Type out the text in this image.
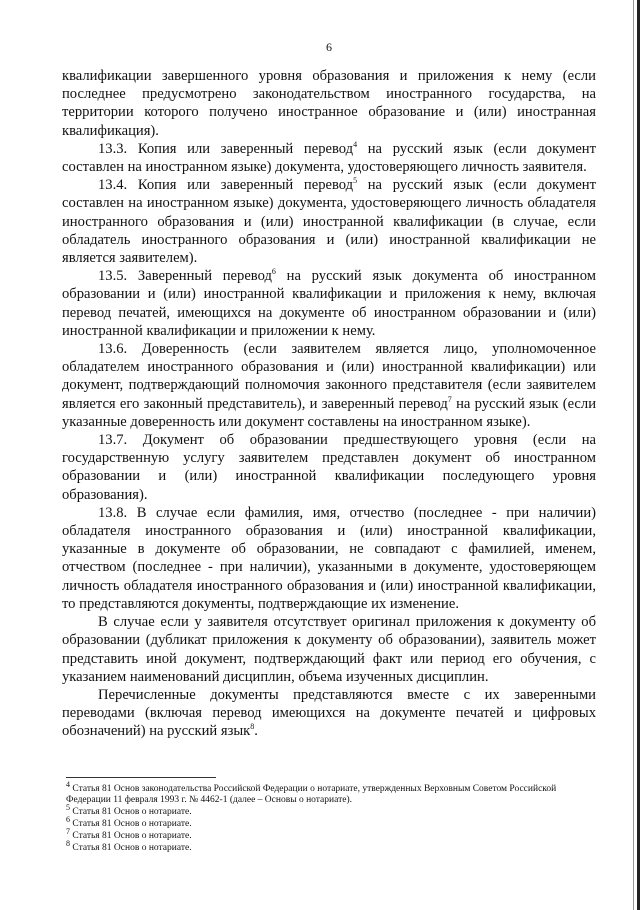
6

квалификации завершенного уровня образования и приложения к нему (если последнее предусмотрено законодательством иностранного государства, на территории которого получено иностранное образование и (или) иностранная квалификация).

13.3. Копия или заверенный перевод$^4$ на русский язык (если документ составлен на иностранном языке) документа, удостоверяющего личность заявителя.

13.4. Копия или заверенный перевод$^5$ на русский язык (если документ составлен на иностранном языке) документа, удостоверяющего личность обладателя иностранного образования и (или) иностранной квалификации (в случае, если обладатель иностранного образования и (или) иностранной квалификации не является заявителем).

13.5. Заверенный перевод$^6$ на русский язык документа об иностранном образовании и (или) иностранной квалификации и приложения к нему, включая перевод печатей, имеющихся на документе об иностранном образовании и (или) иностранной квалификации и приложении к нему.

13.6. Доверенность (если заявителем является лицо, уполномоченное обладателем иностранного образования и (или) иностранной квалификации) или документ, подтверждающий полномочия законного представителя (если заявителем является его законный представитель), и заверенный перевод$^7$ на русский язык (если указанные доверенность или документ составлены на иностранном языке).

13.7. Документ об образовании предшествующего уровня (если на государственную услугу заявителем представлен документ об иностранном образовании и (или) иностранной квалификации последующего уровня образования).

13.8. В случае если фамилия, имя, отчество (последнее - при наличии) обладателя иностранного образования и (или) иностранной квалификации, указанные в документе об образовании, не совпадают с фамилией, именем, отчеством (последнее - при наличии), указанными в документе, удостоверяющем личность обладателя иностранного образования и (или) иностранной квалификации, то представляются документы, подтверждающие их изменение.

В случае если у заявителя отсутствует оригинал приложения к документу об образовании (дубликат приложения к документу об образовании), заявитель может представить иной документ, подтверждающий факт или период его обучения, с указанием наименований дисциплин, объема изученных дисциплин.

Перечисленные документы представляются вместе с их заверенными переводами (включая перевод имеющихся на документе печатей и цифровых обозначений) на русский язык$^8$.

$^4$ Статья 81 Основ законодательства Российской Федерации о нотариате, утвержденных Верховным Советом Российской Федерации 11 февраля 1993 г. № 4462-1 (далее – Основы о нотариате).
$^5$ Статья 81 Основ о нотариате.
$^6$ Статья 81 Основ о нотариате.
$^7$ Статья 81 Основ о нотариате.
$^8$ Статья 81 Основ о нотариате.
